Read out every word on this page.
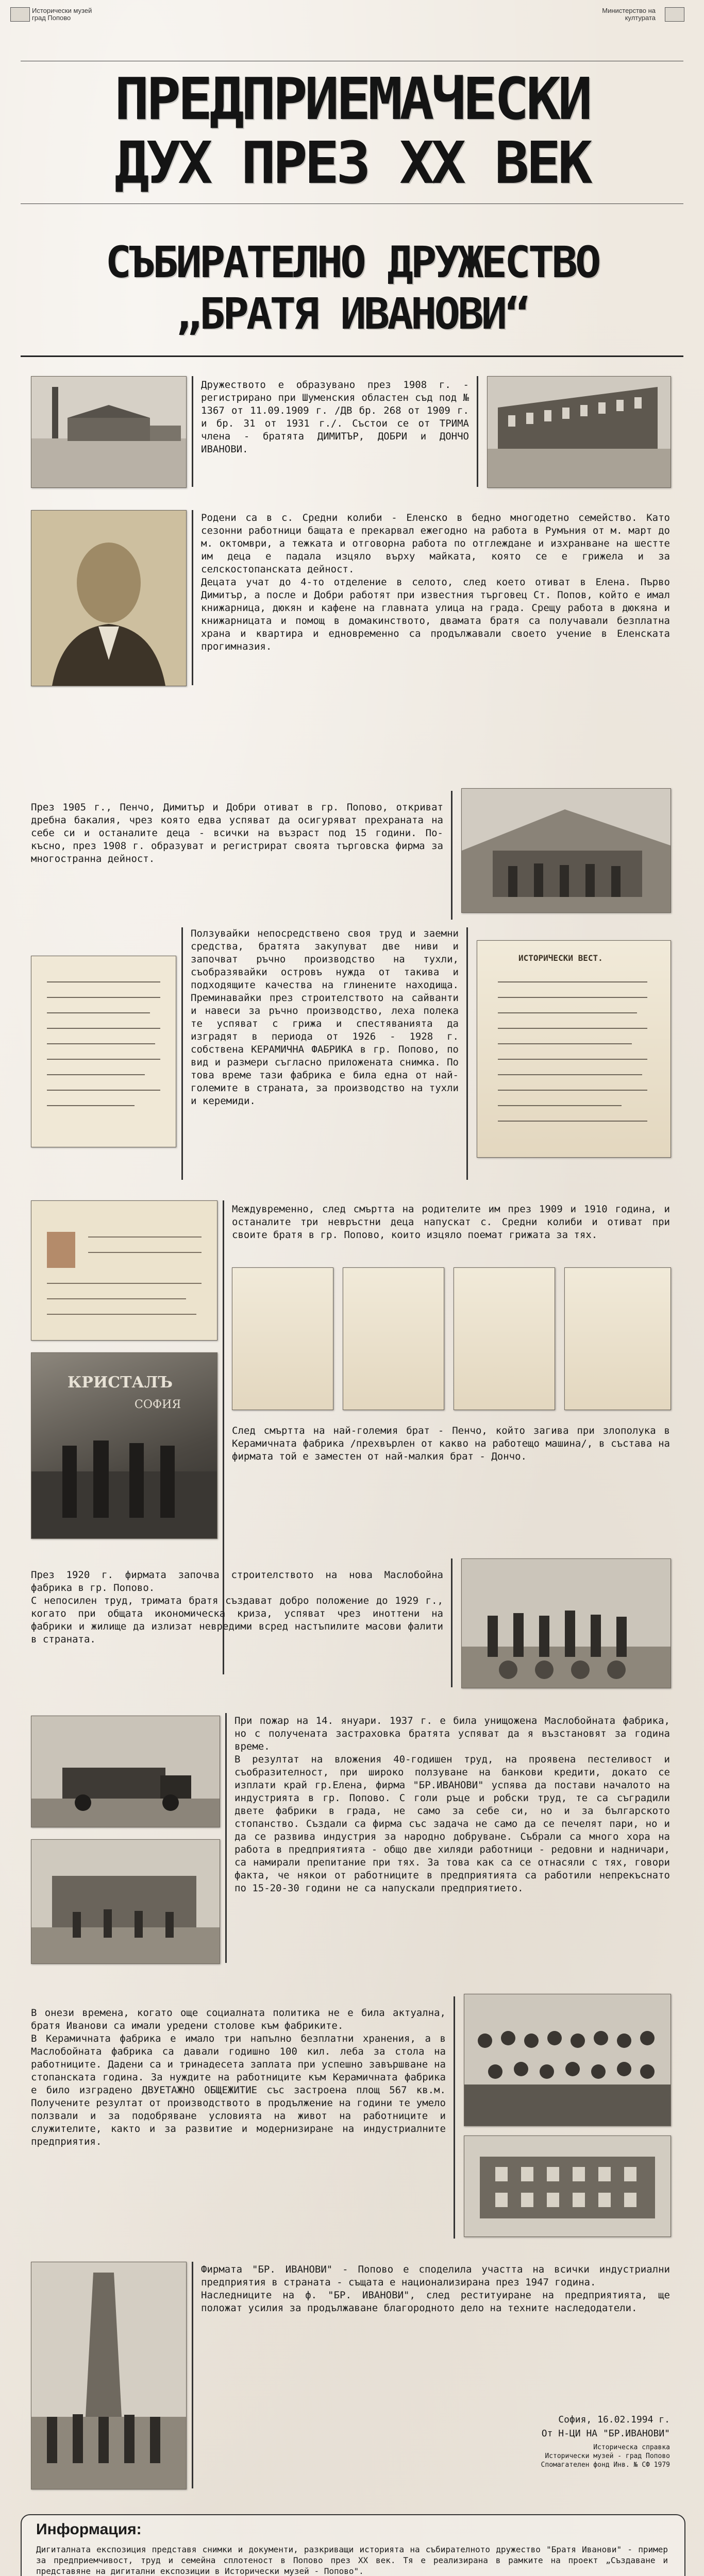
Исторически музей
град Попово
Министерство на
културата
ПРЕДПРИЕМАЧЕСКИ
ДУХ ПРЕЗ XX ВЕК
СЪБИРАТЕЛНО ДРУЖЕСТВО
„БРАТЯ ИВАНОВИ“
Дружеството е образувано през 1908 г. - регистрирано при Шуменския областен съд под № 1367 от 11.09.1909 г. /ДВ бр. 268 от 1909 г. и бр. 31 от 1931 г./. Състои се от ТРИМА члена - братята ДИМИТЪР, ДОБРИ и ДОНЧО ИВАНОВИ.
Родени са в с. Средни колиби - Еленско в бедно многодетно семейство. Като сезонни работници бащата е прекарвал ежегодно на работа в Румъния от м. март до м. октомври, а тежката и отговорна работа по отглеждане и изхранване на шестте им деца е падала изцяло върху майката, която се е грижела и за селскостопанската дейност.
Децата учат до 4-то отделение в селото, след което отиват в Елена. Първо Димитър, а после и Добри работят при известния търговец Ст. Попов, който е имал книжарница, дюкян и кафене на главната улица на града. Срещу работа в дюкяна и книжарницата и помощ в домакинството, двамата братя са получавали безплатна храна и квартира и едновременно са продължавали своето учение в Еленската прогимназия.
През 1905 г., Пенчо, Димитър и Добри отиват в гр. Попово, откриват дребна бакалия, чрез която едва успяват да осигуряват прехраната на себе си и останалите деца - всички на възраст под 15 години. По-късно, през 1908 г. образуват и регистрират своята търговска фирма за многостранна дейност.
Ползувайки непосредствено своя труд и заемни средства, братята закупуват две ниви и започват ръчно производство на тухли, съобразявайки островъ нужда от такива и подходящите качества на глинените находища. Преминавайки през строителството на сайванти и навеси за ръчно производство, леха полека те успяват с грижа и спестяванията да изградят в периода от 1926 - 1928 г. собствена КЕРАМИЧНА ФАБРИКА в гр. Попово, по вид и размери съгласно приложената снимка. По това време тази фабрика е била една от най-големите в страната, за производство на тухли и керемиди.
ИСТОРИЧЕСКИ ВЕСТ.
Междувременно, след смъртта на родителите им през 1909 и 1910 година, и останалите три невръстни деца напускат с. Средни колиби и отиват при своите братя в гр. Попово, които изцяло поемат грижата за тях.
КРИСТАЛЪ
СОФИЯ
След смъртта на най-големия брат - Пенчо, който загива при злополука в Керамичната фабрика /прехвърлен от какво на работещо машина/, в състава на фирмата той е заместен от най-малкия брат - Дончо.
През 1920 г. фирмата започва строителството на нова Маслобойна фабрика в гр. Попово.
С непосилен труд, тримата братя създават добро положение до 1929 г., когато при общата икономическа криза, успяват чрез иноттени на фабрики и жилище да излизат невредими всред настъпилите масови фалити в страната.
При пожар на 14. януари. 1937 г. е била унищожена Маслобойната фабрика, но с получената застраховка братята успяват да я възстановят за година време.
В резултат на вложения 40-годишен труд, на проявена пестеливост и съобразителност, при широко ползуване на банкови кредити, докато се изплати край гр.Елена, фирма "БР.ИВАНОВИ" успява да постави началото на индустрията в гр. Попово. С голи ръце и робски труд, те са съградили двете фабрики в града, не само за себе си, но и за българското стопанство. Създали са фирма със задача не само да се печелят пари, но и да се развива индустрия за народно добруване. Събрали са много хора на работа в предприятията - общо две хиляди работници - редовни и надничари, са намирали препитание при тях. За това как са се отнасяли с тях, говори факта, че някои от работниците в предприятията са работили непрекъснато по 15-20-30 години не са напускали предприятието.
В онези времена, когато още социалната политика не е била актуална, братя Иванови са имали уредени столове към фабриките.
В Керамичната фабрика е имало три напълно безплатни хранения, а в Маслобойната фабрика са давали годишно 100 кил. леба за стола на работниците. Дадени са и тринадесета заплата при успешно завършване на стопанската година. За нуждите на работниците към Керамичната фабрика е било изградено ДВУЕТАЖНО ОБЩЕЖИТИЕ със застроена площ 567 кв.м. Получените резултат от производството в продължение на години те умело ползвали и за подобряване условията на живот на работниците и служителите, както и за развитие и модернизиране на индустриалните предприятия.
Фирмата "БР. ИВАНОВИ" - Попово е споделила участта на всички индустриални предприятия в страната - същата е национализирана през 1947 година.
Наследниците на ф. "БР. ИВАНОВИ", след реституиране на предприятията, ще положат усилия за продължаване благородното дело на техните наследодатели.
София, 16.02.1994 г.
От Н-ЦИ НА "БР.ИВАНОВИ"
Историческа справка
Исторически музей - град Попово
Спомагателен фонд Инв. № СФ 1979
Информация:
Дигиталната експозиция представя снимки и документи, разкриващи историята на събирателното дружество "Братя Иванови" - пример за предприемчивост, труд и семейна сплотеност в Попово през XX век. Тя е реализирана в рамките на проект „Създаване и представяне на дигитални експозиции в Исторически музей - Попово".
